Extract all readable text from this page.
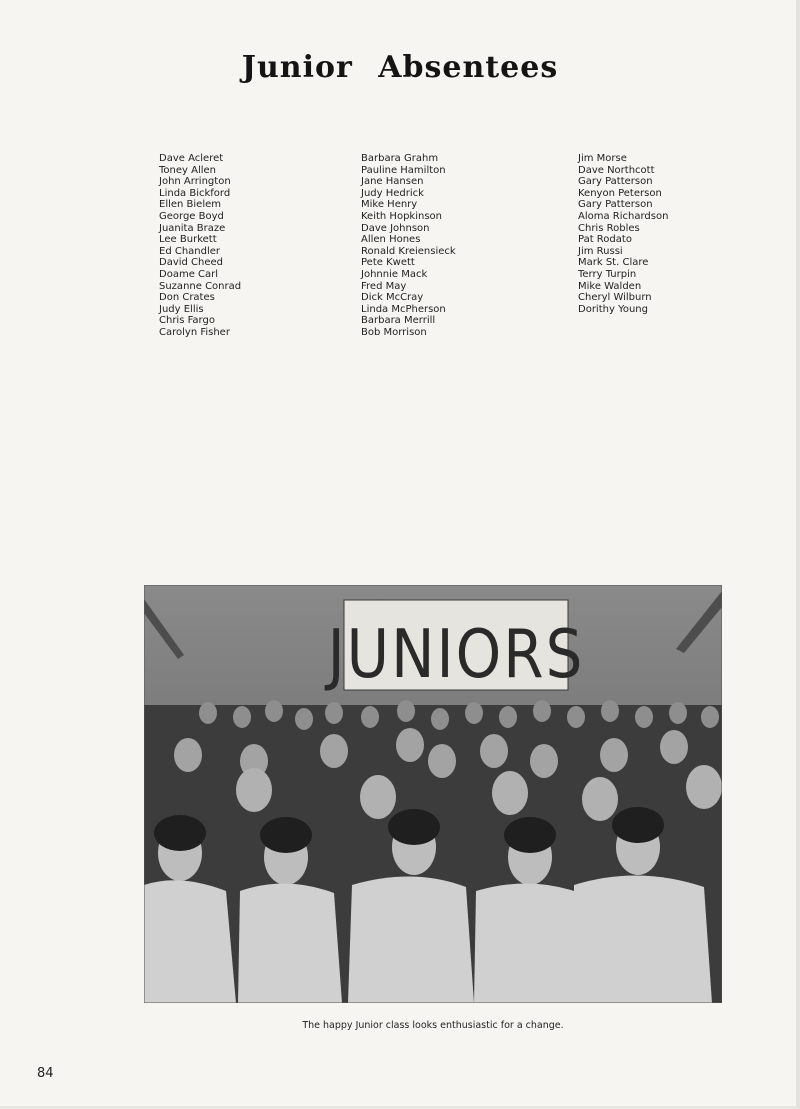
Junior Absentees
Dave Acleret
Toney Allen
John Arrington
Linda Bickford
Ellen Bielem
George Boyd
Juanita Braze
Lee Burkett
Ed Chandler
David Cheed
Doame Carl
Suzanne Conrad
Don Crates
Judy Ellis
Chris Fargo
Carolyn Fisher
Barbara Grahm
Pauline Hamilton
Jane Hansen
Judy Hedrick
Mike Henry
Keith Hopkinson
Dave Johnson
Allen Hones
Ronald Kreiensieck
Pete Kwett
Johnnie Mack
Fred May
Dick McCray
Linda McPherson
Barbara Merrill
Bob Morrison
Jim Morse
Dave Northcott
Gary Patterson
Kenyon Peterson
Gary Patterson
Aloma Richardson
Chris Robles
Pat Rodato
Jim Russi
Mark St. Clare
Terry Turpin
Mike Walden
Cheryl Wilburn
Dorithy Young
JUNIORS
The happy Junior class looks enthusiastic for a change.
84
